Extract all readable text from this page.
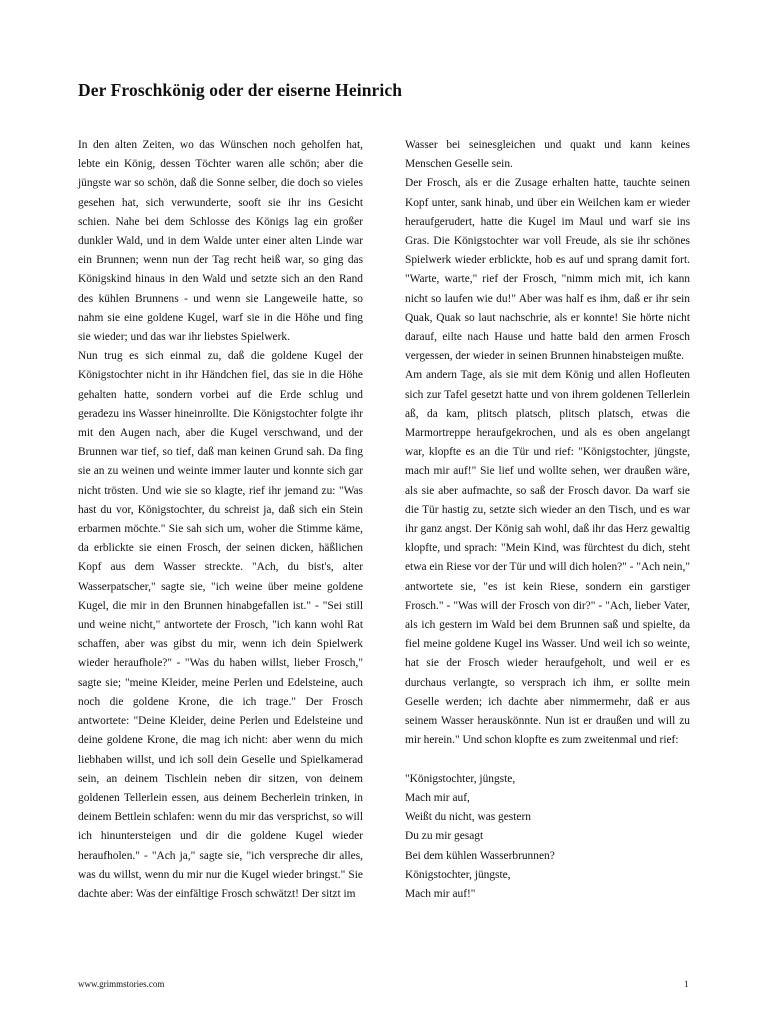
Der Froschkönig oder der eiserne Heinrich

In den alten Zeiten, wo das Wünschen noch geholfen hat, lebte ein König, dessen Töchter waren alle schön; aber die jüngste war so schön, daß die Sonne selber, die doch so vieles gesehen hat, sich verwunderte, sooft sie ihr ins Gesicht schien. Nahe bei dem Schlosse des Königs lag ein großer dunkler Wald, und in dem Walde unter einer alten Linde war ein Brunnen; wenn nun der Tag recht heiß war, so ging das Königskind hinaus in den Wald und setzte sich an den Rand des kühlen Brunnens - und wenn sie Langeweile hatte, so nahm sie eine goldene Kugel, warf sie in die Höhe und fing sie wieder; und das war ihr liebstes Spielwerk.

Nun trug es sich einmal zu, daß die goldene Kugel der Königstochter nicht in ihr Händchen fiel, das sie in die Höhe gehalten hatte, sondern vorbei auf die Erde schlug und geradezu ins Wasser hineinrollte. Die Königstochter folgte ihr mit den Augen nach, aber die Kugel verschwand, und der Brunnen war tief, so tief, daß man keinen Grund sah. Da fing sie an zu weinen und weinte immer lauter und konnte sich gar nicht trösten. Und wie sie so klagte, rief ihr jemand zu: "Was hast du vor, Königstochter, du schreist ja, daß sich ein Stein erbarmen möchte." Sie sah sich um, woher die Stimme käme, da erblickte sie einen Frosch, der seinen dicken, häßlichen Kopf aus dem Wasser streckte. "Ach, du bist's, alter Wasserpatscher," sagte sie, "ich weine über meine goldene Kugel, die mir in den Brunnen hinabgefallen ist." - "Sei still und weine nicht," antwortete der Frosch, "ich kann wohl Rat schaffen, aber was gibst du mir, wenn ich dein Spielwerk wieder heraufhole?" - "Was du haben willst, lieber Frosch," sagte sie; "meine Kleider, meine Perlen und Edelsteine, auch noch die goldene Krone, die ich trage." Der Frosch antwortete: "Deine Kleider, deine Perlen und Edelsteine und deine goldene Krone, die mag ich nicht: aber wenn du mich liebhaben willst, und ich soll dein Geselle und Spielkamerad sein, an deinem Tischlein neben dir sitzen, von deinem goldenen Tellerlein essen, aus deinem Becherlein trinken, in deinem Bettlein schlafen: wenn du mir das versprichst, so will ich hinuntersteigen und dir die goldene Kugel wieder heraufholen." - "Ach ja," sagte sie, "ich verspreche dir alles, was du willst, wenn du mir nur die Kugel wieder bringst." Sie dachte aber: Was der einfältige Frosch schwätzt! Der sitzt im

Wasser bei seinesgleichen und quakt und kann keines Menschen Geselle sein.

Der Frosch, als er die Zusage erhalten hatte, tauchte seinen Kopf unter, sank hinab, und über ein Weilchen kam er wieder heraufgerudert, hatte die Kugel im Maul und warf sie ins Gras. Die Königstochter war voll Freude, als sie ihr schönes Spielwerk wieder erblickte, hob es auf und sprang damit fort. "Warte, warte," rief der Frosch, "nimm mich mit, ich kann nicht so laufen wie du!" Aber was half es ihm, daß er ihr sein Quak, Quak so laut nachschrie, als er konnte! Sie hörte nicht darauf, eilte nach Hause und hatte bald den armen Frosch vergessen, der wieder in seinen Brunnen hinabsteigen mußte.

Am andern Tage, als sie mit dem König und allen Hofleuten sich zur Tafel gesetzt hatte und von ihrem goldenen Tellerlein aß, da kam, plitsch platsch, plitsch platsch, etwas die Marmortreppe heraufgekrochen, und als es oben angelangt war, klopfte es an die Tür und rief: "Königstochter, jüngste, mach mir auf!" Sie lief und wollte sehen, wer draußen wäre, als sie aber aufmachte, so saß der Frosch davor. Da warf sie die Tür hastig zu, setzte sich wieder an den Tisch, und es war ihr ganz angst. Der König sah wohl, daß ihr das Herz gewaltig klopfte, und sprach: "Mein Kind, was fürchtest du dich, steht etwa ein Riese vor der Tür und will dich holen?" - "Ach nein," antwortete sie, "es ist kein Riese, sondern ein garstiger Frosch." - "Was will der Frosch von dir?" - "Ach, lieber Vater, als ich gestern im Wald bei dem Brunnen saß und spielte, da fiel meine goldene Kugel ins Wasser. Und weil ich so weinte, hat sie der Frosch wieder heraufgeholt, und weil er es durchaus verlangte, so versprach ich ihm, er sollte mein Geselle werden; ich dachte aber nimmermehr, daß er aus seinem Wasser herauskönnte. Nun ist er draußen und will zu mir herein." Und schon klopfte es zum zweitenmal und rief:

"Königstochter, jüngste,
Mach mir auf,
Weißt du nicht, was gestern
Du zu mir gesagt
Bei dem kühlen Wasserbrunnen?
Königstochter, jüngste,
Mach mir auf!"
www.grimmstories.com	1
